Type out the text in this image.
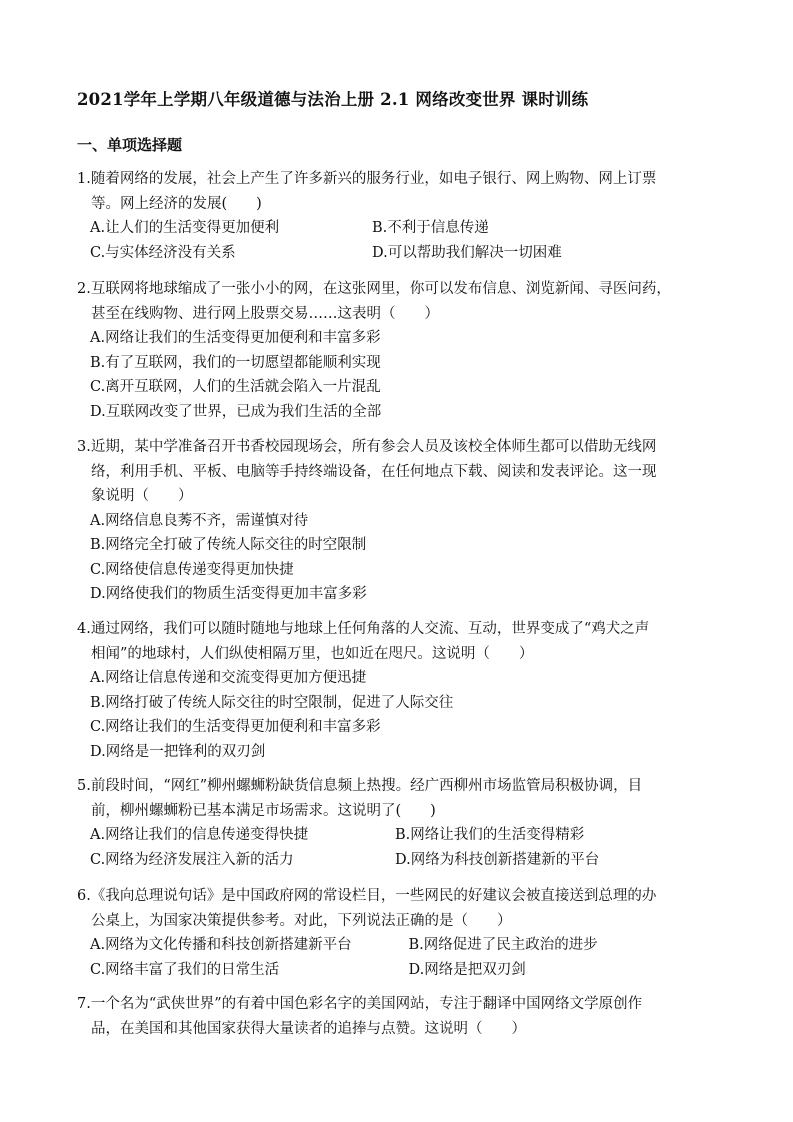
2021学年上学期八年级道德与法治上册 2.1 网络改变世界 课时训练
一、单项选择题
1.随着网络的发展，社会上产生了许多新兴的服务行业，如电子银行、网上购物、网上订票
等。网上经济的发展(　　)
A.让人们的生活变得更加便利	B.不利于信息传递
C.与实体经济没有关系	D.可以帮助我们解决一切困难
2.互联网将地球缩成了一张小小的网，在这张网里，你可以发布信息、浏览新闻、寻医问药，
甚至在线购物、进行网上股票交易……这表明（　　）
A.网络让我们的生活变得更加便利和丰富多彩
B.有了互联网，我们的一切愿望都能顺利实现
C.离开互联网，人们的生活就会陷入一片混乱
D.互联网改变了世界，已成为我们生活的全部
3.近期，某中学准备召开书香校园现场会，所有参会人员及该校全体师生都可以借助无线网
络，利用手机、平板、电脑等手持终端设备，在任何地点下载、阅读和发表评论。这一现
象说明（　　）
A.网络信息良莠不齐，需谨慎对待
B.网络完全打破了传统人际交往的时空限制
C.网络使信息传递变得更加快捷
D.网络使我们的物质生活变得更加丰富多彩
4.通过网络，我们可以随时随地与地球上任何角落的人交流、互动，世界变成了“鸡犬之声
相闻”的地球村，人们纵使相隔万里，也如近在咫尺。这说明（　　）
A.网络让信息传递和交流变得更加方便迅捷
B.网络打破了传统人际交往的时空限制，促进了人际交往
C.网络让我们的生活变得更加便利和丰富多彩
D.网络是一把锋利的双刃剑
5.前段时间，“网红”柳州螺蛳粉缺货信息频上热搜。经广西柳州市场监管局积极协调，目
前，柳州螺蛳粉已基本满足市场需求。这说明了(　　)
A.网络让我们的信息传递变得快捷	B.网络让我们的生活变得精彩
C.网络为经济发展注入新的活力	D.网络为科技创新搭建新的平台
6.《我向总理说句话》是中国政府网的常设栏目，一些网民的好建议会被直接送到总理的办
公桌上，为国家决策提供参考。对此，下列说法正确的是（　　）
A.网络为文化传播和科技创新搭建新平台	B.网络促进了民主政治的进步
C.网络丰富了我们的日常生活	D.网络是把双刃剑
7.一个名为“武侠世界”的有着中国色彩名字的美国网站，专注于翻译中国网络文学原创作
品，在美国和其他国家获得大量读者的追捧与点赞。这说明（　　）
